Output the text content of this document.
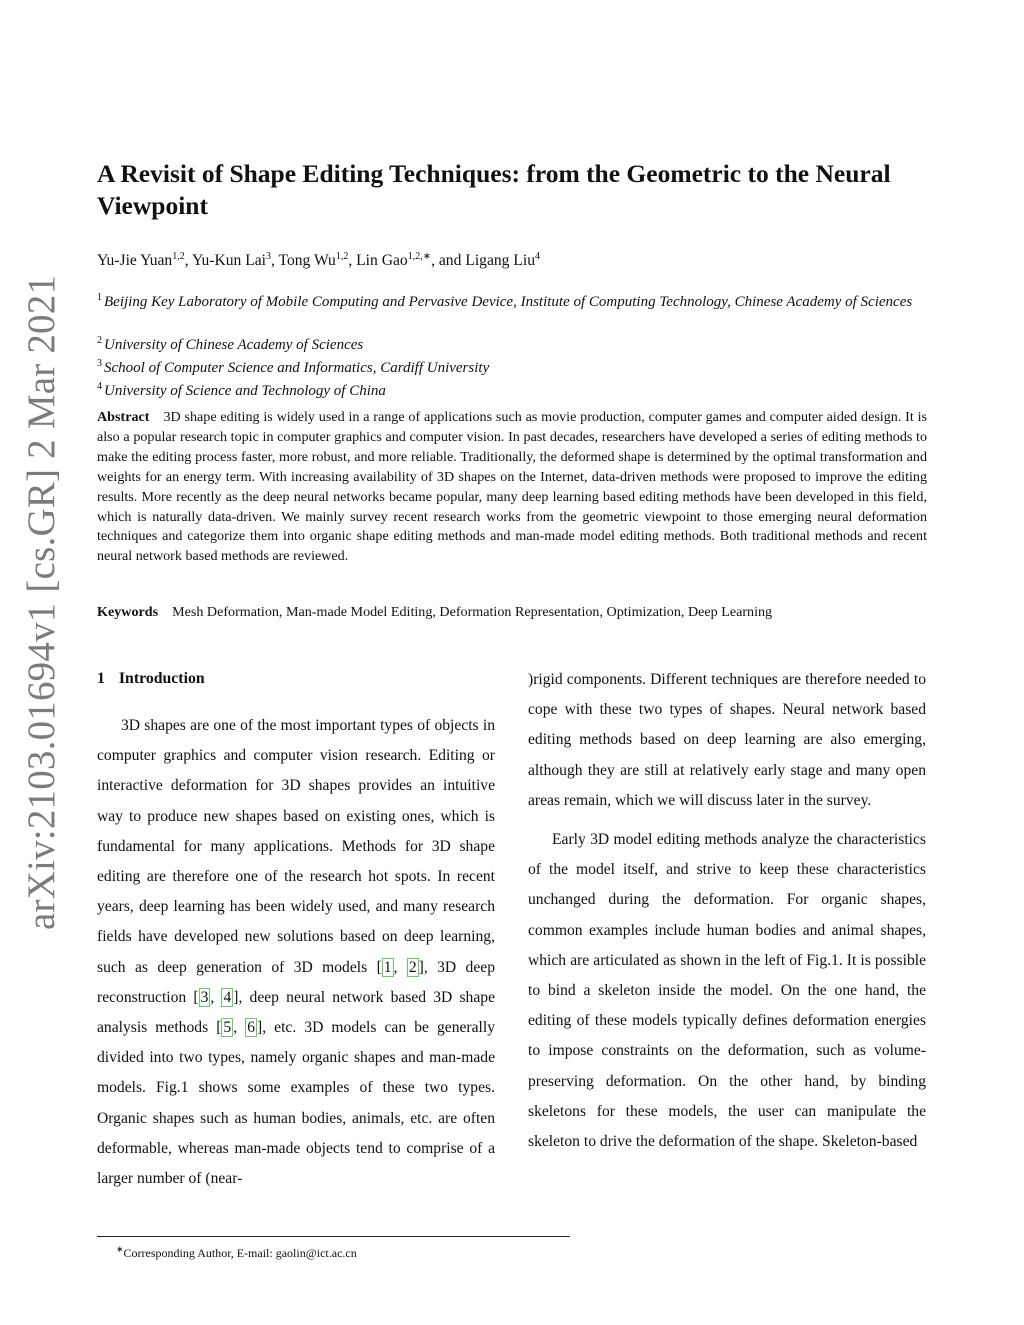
arXiv:2103.01694v1 [cs.GR] 2 Mar 2021
A Revisit of Shape Editing Techniques: from the Geometric to the Neural Viewpoint
Yu-Jie Yuan$^{1,2}$, Yu-Kun Lai$^3$, Tong Wu$^{1,2}$, Lin Gao$^{1,2,∗}$, and Ligang Liu$^4$
$^1$ Beijing Key Laboratory of Mobile Computing and Pervasive Device, Institute of Computing Technology, Chinese Academy of Sciences
$^2$ University of Chinese Academy of Sciences
$^3$ School of Computer Science and Informatics, Cardiff University
$^4$ University of Science and Technology of China

Abstract 3D shape editing is widely used in a range of applications such as movie production, computer games and computer aided design. It is also a popular research topic in computer graphics and computer vision. In past decades, researchers have developed a series of editing methods to make the editing process faster, more robust, and more reliable. Traditionally, the deformed shape is determined by the optimal transformation and weights for an energy term. With increasing availability of 3D shapes on the Internet, data-driven methods were proposed to improve the editing results. More recently as the deep neural networks became popular, many deep learning based editing methods have been developed in this field, which is naturally data-driven. We mainly survey recent research works from the geometric viewpoint to those emerging neural deformation techniques and categorize them into organic shape editing methods and man-made model editing methods. Both traditional methods and recent neural network based methods are reviewed.

Keywords Mesh Deformation, Man-made Model Editing, Deformation Representation, Optimization, Deep Learning
1 Introduction

3D shapes are one of the most important types of objects in computer graphics and computer vision research. Editing or interactive deformation for 3D shapes provides an intuitive way to produce new shapes based on existing ones, which is fundamental for many applications. Methods for 3D shape editing are therefore one of the research hot spots. In recent years, deep learning has been widely used, and many research fields have developed new solutions based on deep learning, such as deep generation of 3D models [ 1 , 2 ], 3D deep reconstruction [ 3 , 4 ], deep neural network based 3D shape analysis methods [ 5 , 6 ], etc. 3D models can be generally divided into two types, namely organic shapes and man-made models. Fig.1 shows some examples of these two types. Organic shapes such as human bodies, animals, etc. are often deformable, whereas man-made objects tend to comprise of a larger number of (near-

)rigid components. Different techniques are therefore needed to cope with these two types of shapes. Neural network based editing methods based on deep learning are also emerging, although they are still at relatively early stage and many open areas remain, which we will discuss later in the survey.

Early 3D model editing methods analyze the characteristics of the model itself, and strive to keep these characteristics unchanged during the deformation. For organic shapes, common examples include human bodies and animal shapes, which are articulated as shown in the left of Fig.1. It is possible to bind a skeleton inside the model. On the one hand, the editing of these models typically defines deformation energies to impose constraints on the deformation, such as volume-preserving deformation. On the other hand, by binding skeletons for these models, the user can manipulate the skeleton to drive the deformation of the shape. Skeleton-based

∗Corresponding Author, E-mail: gaolin@ict.ac.cn
